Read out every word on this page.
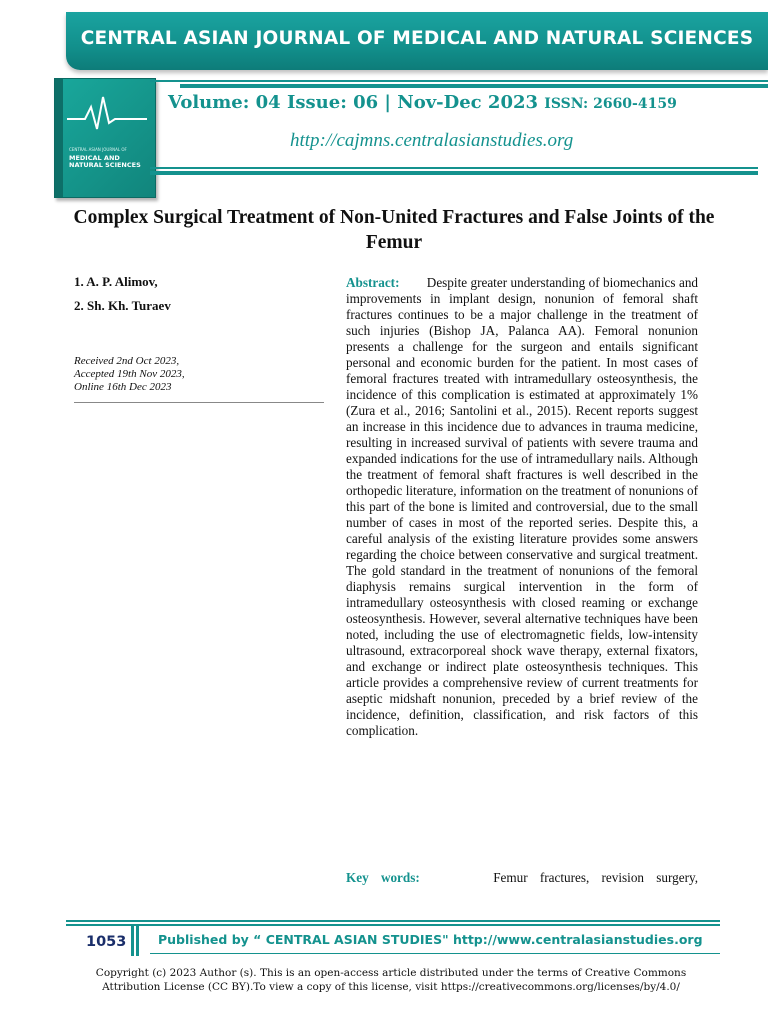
CENTRAL ASIAN JOURNAL OF MEDICAL AND NATURAL SCIENCES
CENTRAL ASIAN JOURNAL OF
MEDICAL AND
NATURAL SCIENCES
Volume: 04 Issue: 06 | Nov-Dec 2023 ISSN: 2660-4159
http://cajmns.centralasianstudies.org
Complex Surgical Treatment of Non-United Fractures and False Joints of the Femur
1. A. P. Alimov,
2. Sh. Kh. Turaev
Received 2nd Oct 2023,
Accepted 19th Nov 2023,
Online 16th Dec 2023
Abstract: Despite greater understanding of biomechanics and improvements in implant design, nonunion of femoral shaft fractures continues to be a major challenge in the treatment of such injuries (Bishop JA, Palanca AA). Femoral nonunion presents a challenge for the surgeon and entails significant personal and economic burden for the patient. In most cases of femoral fractures treated with intramedullary osteosynthesis, the incidence of this complication is estimated at approximately 1% (Zura et al., 2016; Santolini et al., 2015). Recent reports suggest an increase in this incidence due to advances in trauma medicine, resulting in increased survival of patients with severe trauma and expanded indications for the use of intramedullary nails. Although the treatment of femoral shaft fractures is well described in the orthopedic literature, information on the treatment of nonunions of this part of the bone is limited and controversial, due to the small number of cases in most of the reported series. Despite this, a careful analysis of the existing literature provides some answers regarding the choice between conservative and surgical treatment. The gold standard in the treatment of nonunions of the femoral diaphysis remains surgical intervention in the form of intramedullary osteosynthesis with closed reaming or exchange osteosynthesis. However, several alternative techniques have been noted, including the use of electromagnetic fields, low-intensity ultrasound, extracorporeal shock wave therapy, external fixators, and exchange or indirect plate osteosynthesis techniques. This article provides a comprehensive review of current treatments for aseptic midshaft nonunion, preceded by a brief review of the incidence, definition, classification, and risk factors of this complication.
Key words:	Femur fractures, revision surgery,
1053	Published by “ CENTRAL ASIAN STUDIES" http://www.centralasianstudies.org
Copyright (c) 2023 Author (s). This is an open-access article distributed under the terms of Creative Commons Attribution License (CC BY).To view a copy of this license, visit https://creativecommons.org/licenses/by/4.0/
